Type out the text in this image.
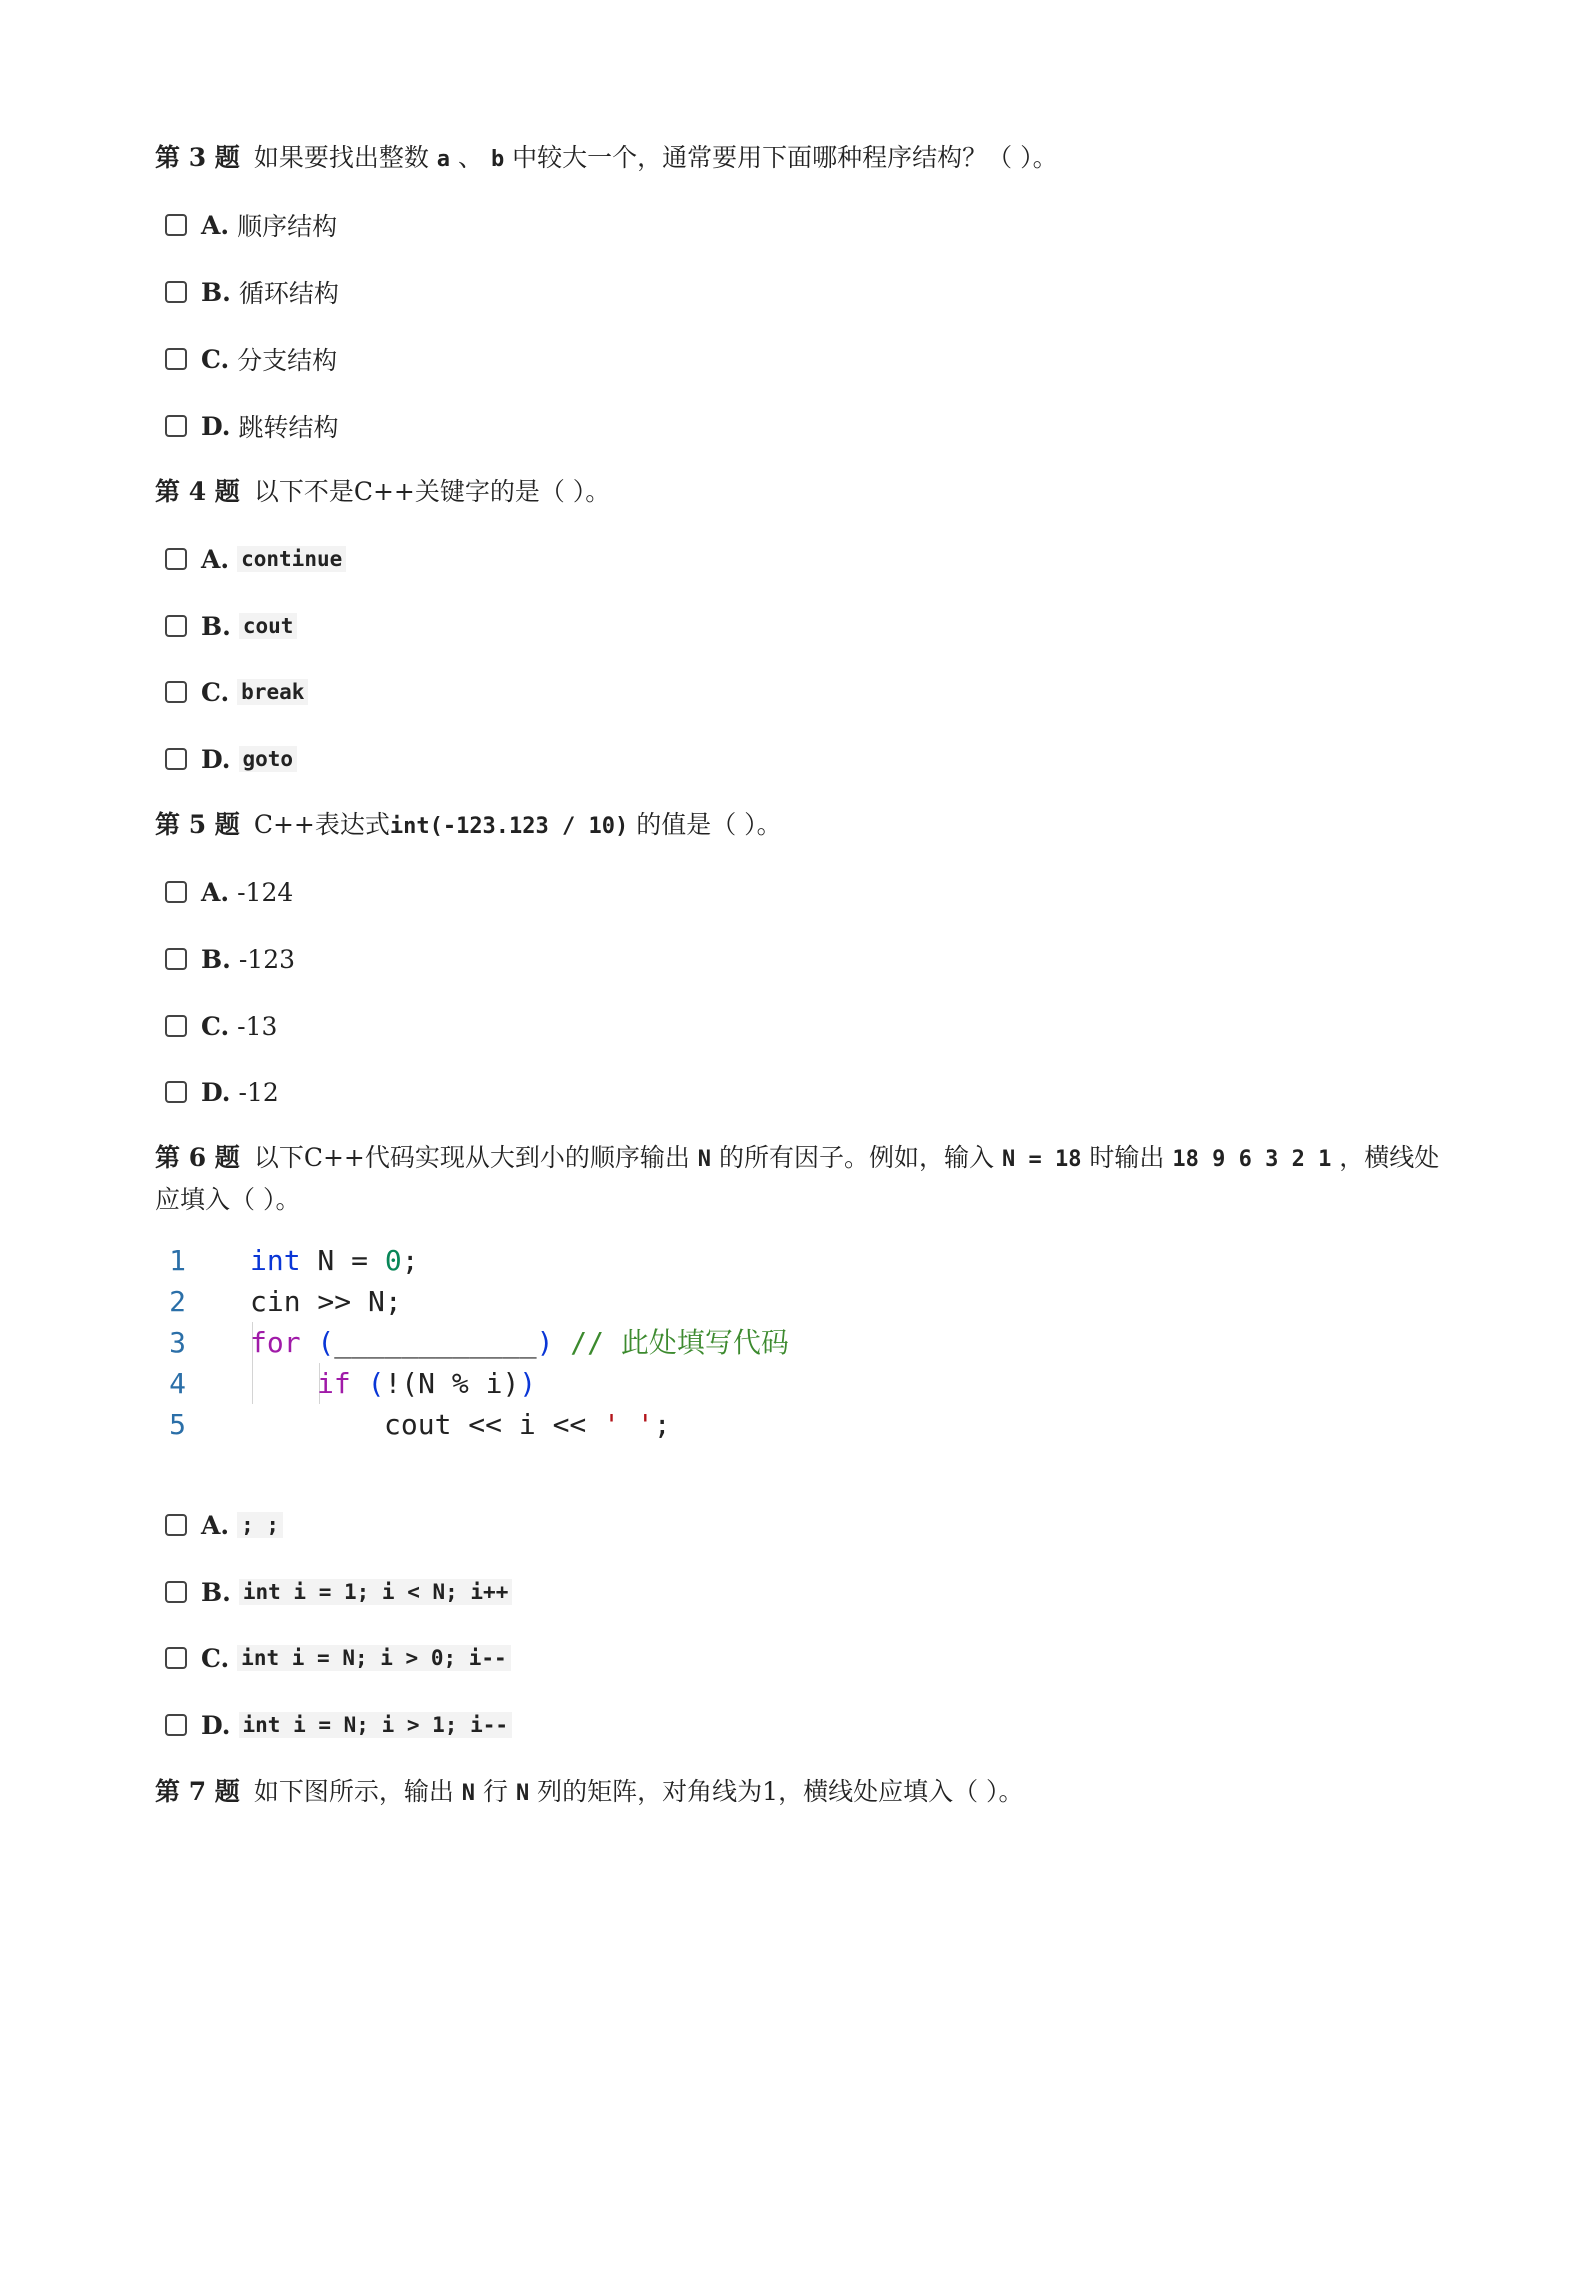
第 3 题 如果要找出整数 a 、 b 中较大一个，通常要用下面哪种程序结构？（ ）。
A. 顺序结构
B. 循环结构
C. 分支结构
D. 跳转结构
第 4 题 以下不是C++关键字的是（ ）。
A. continue
B. cout
C. break
D. goto
第 5 题 C++表达式int(-123.123 / 10) 的值是（ ）。
A. -124
B. -123
C. -13
D. -12
第 6 题 以下C++代码实现从大到小的顺序输出 N 的所有因子。例如，输入 N = 18 时输出 18 9 6 3 2 1 ，横线处
应填入（ ）。
1	int N = 0;
2	cin >> N;
3	for (____________) // 此处填写代码
4	if (!(N % i))
5	cout << i << ' ';
A. ; ;
B. int i = 1; i < N; i++
C. int i = N; i > 0; i--
D. int i = N; i > 1; i--
第 7 题 如下图所示，输出 N 行 N 列的矩阵，对角线为1，横线处应填入（ ）。
